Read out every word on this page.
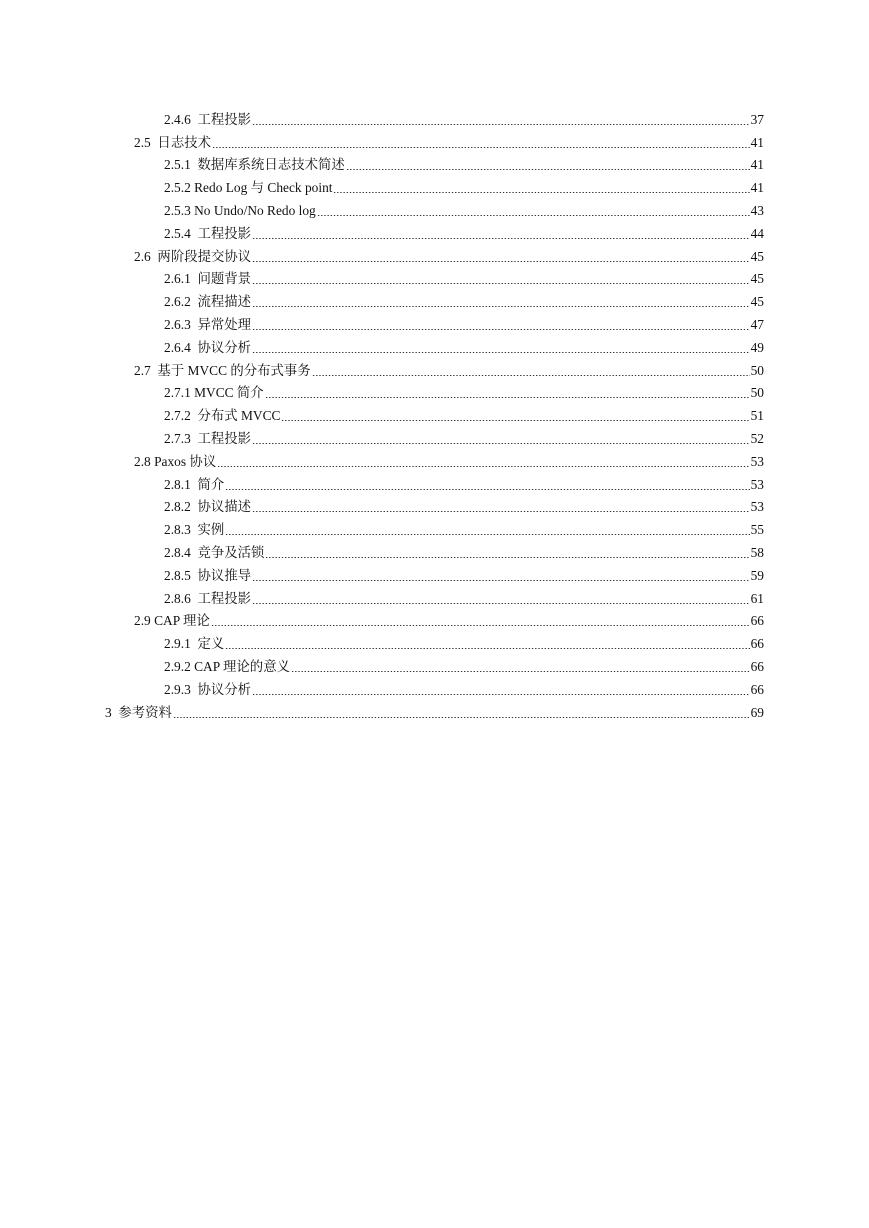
2.4.6  工程投影	37
2.5  日志技术	41
2.5.1  数据库系统日志技术简述	41
2.5.2 Redo Log 与 Check point	41
2.5.3 No Undo/No Redo log	43
2.5.4  工程投影	44
2.6  两阶段提交协议	45
2.6.1  问题背景	45
2.6.2  流程描述	45
2.6.3  异常处理	47
2.6.4  协议分析	49
2.7  基于 MVCC 的分布式事务	50
2.7.1 MVCC 简介	50
2.7.2  分布式 MVCC	51
2.7.3  工程投影	52
2.8 Paxos 协议	53
2.8.1  简介	53
2.8.2  协议描述	53
2.8.3  实例	55
2.8.4  竞争及活锁	58
2.8.5  协议推导	59
2.8.6  工程投影	61
2.9 CAP 理论	66
2.9.1  定义	66
2.9.2 CAP 理论的意义	66
2.9.3  协议分析	66
3  参考资料	69
